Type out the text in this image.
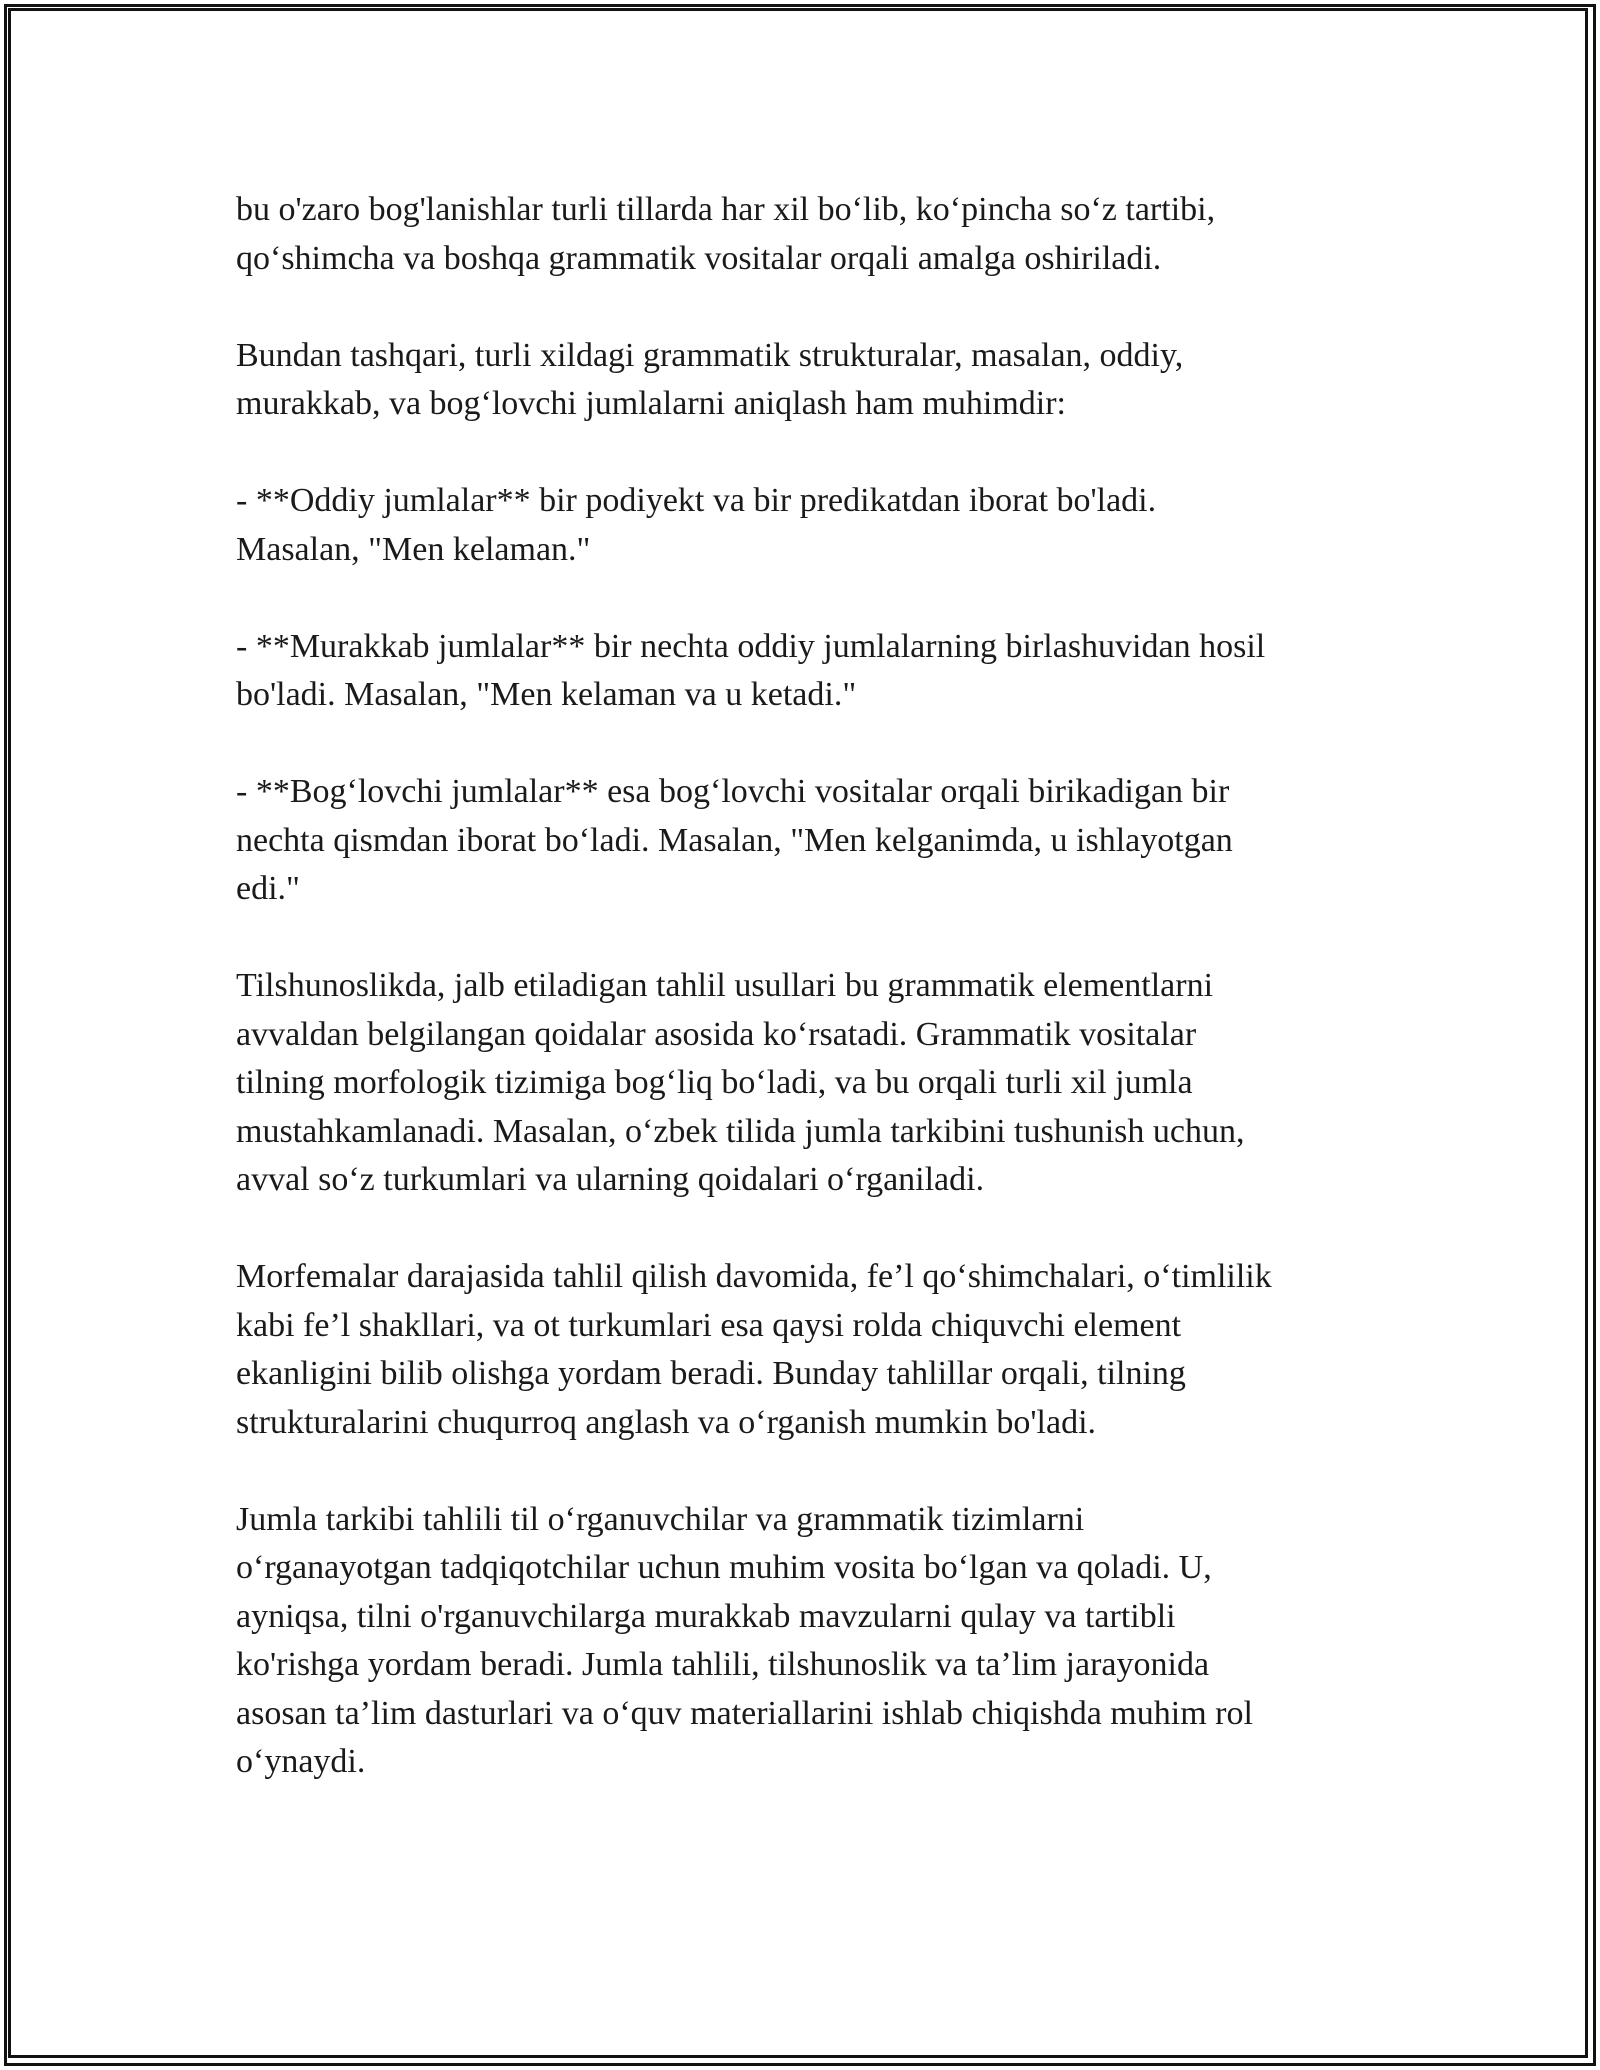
bu o'zaro bog'lanishlar turli tillarda har xil bo‘lib, ko‘pincha so‘z tartibi,
qo‘shimcha va boshqa grammatik vositalar orqali amalga oshiriladi.

Bundan tashqari, turli xildagi grammatik strukturalar, masalan, oddiy,
murakkab, va bog‘lovchi jumlalarni aniqlash ham muhimdir:

- **Oddiy jumlalar** bir podiyekt va bir predikatdan iborat bo'ladi.
Masalan, "Men kelaman."

- **Murakkab jumlalar** bir nechta oddiy jumlalarning birlashuvidan hosil
bo'ladi. Masalan, "Men kelaman va u ketadi."

- **Bog‘lovchi jumlalar** esa bog‘lovchi vositalar orqali birikadigan bir
nechta qismdan iborat bo‘ladi. Masalan, "Men kelganimda, u ishlayotgan
edi."

Tilshunoslikda, jalb etiladigan tahlil usullari bu grammatik elementlarni
avvaldan belgilangan qoidalar asosida ko‘rsatadi. Grammatik vositalar
tilning morfologik tizimiga bog‘liq bo‘ladi, va bu orqali turli xil jumla
mustahkamlanadi. Masalan, o‘zbek tilida jumla tarkibini tushunish uchun,
avval so‘z turkumlari va ularning qoidalari o‘rganiladi.

Morfemalar darajasida tahlil qilish davomida, fe’l qo‘shimchalari, o‘timlilik
kabi fe’l shakllari, va ot turkumlari esa qaysi rolda chiquvchi element
ekanligini bilib olishga yordam beradi. Bunday tahlillar orqali, tilning
strukturalarini chuqurroq anglash va o‘rganish mumkin bo'ladi.

Jumla tarkibi tahlili til o‘rganuvchilar va grammatik tizimlarni
o‘rganayotgan tadqiqotchilar uchun muhim vosita bo‘lgan va qoladi. U,
ayniqsa, tilni o'rganuvchilarga murakkab mavzularni qulay va tartibli
ko'rishga yordam beradi. Jumla tahlili, tilshunoslik va ta’lim jarayonida
asosan ta’lim dasturlari va o‘quv materiallarini ishlab chiqishda muhim rol
o‘ynaydi.
